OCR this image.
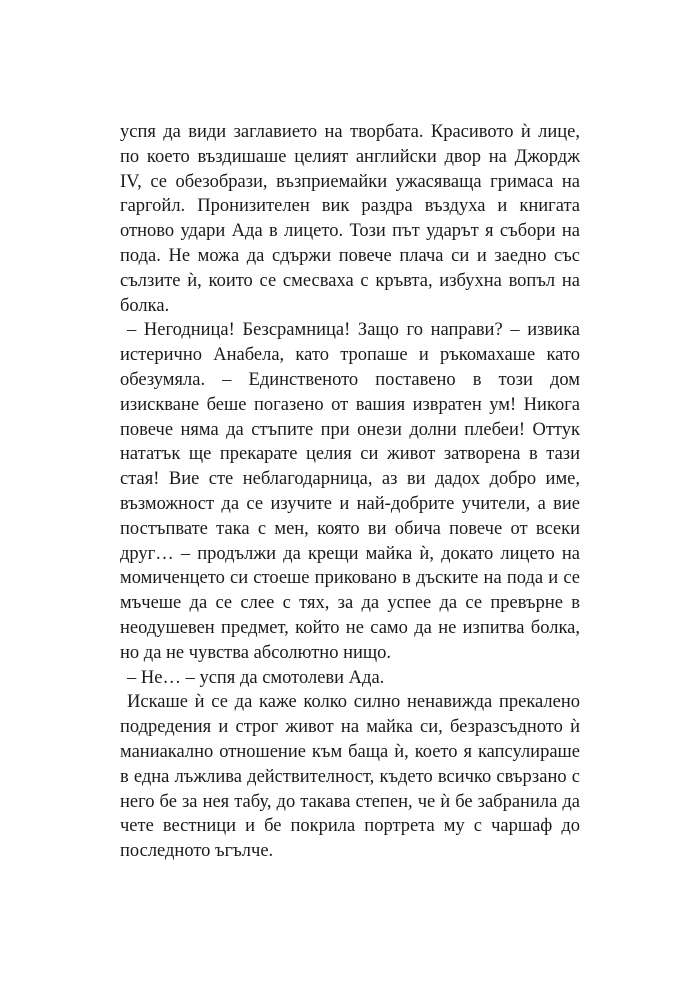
успя да види заглавието на творбата. Красивото ѝ лице, по което въздишаше целият английски двор на Джордж IV, се обезобрази, възприемайки ужасяваща гримаса на гаргойл. Пронизителен вик раздра въздуха и книгата отново удари Ада в лицето. Този път ударът я събори на пода. Не можа да сдържи повече плача си и заедно със сълзите ѝ, които се смесваха с кръвта, избухна вопъл на болка.

– Негодница! Безсрамница! Защо го направи? – извика истерично Анабела, като тропаше и ръкомахаше като обезумяла. – Единственото поставено в този дом изискване беше погазено от вашия извратен ум! Никога повече няма да стъпите при онези долни плебеи! Оттук нататък ще прекарате целия си живот затворена в тази стая! Вие сте неблагодарница, аз ви дадох добро име, възможност да се изучите и най-добрите учители, а вие постъпвате така с мен, която ви обича повече от всеки друг… – продължи да крещи майка ѝ, докато лицето на момиченцето си стоеше приковано в дъските на пода и се мъчеше да се слее с тях, за да успее да се превърне в неодушевен предмет, който не само да не изпитва болка, но да не чувства абсолютно нищо.

– Не… – успя да смотолеви Ада.

Искаше ѝ се да каже колко силно ненавижда прекалено подредения и строг живот на майка си, безразсъдното ѝ маниакално отношение към баща ѝ, което я капсулираше в една лъжлива действителност, където всичко свързано с него бе за нея табу, до такава степен, че ѝ бе забранила да чете вестници и бе покрила портрета му с чаршаф до последното ъгълче.
